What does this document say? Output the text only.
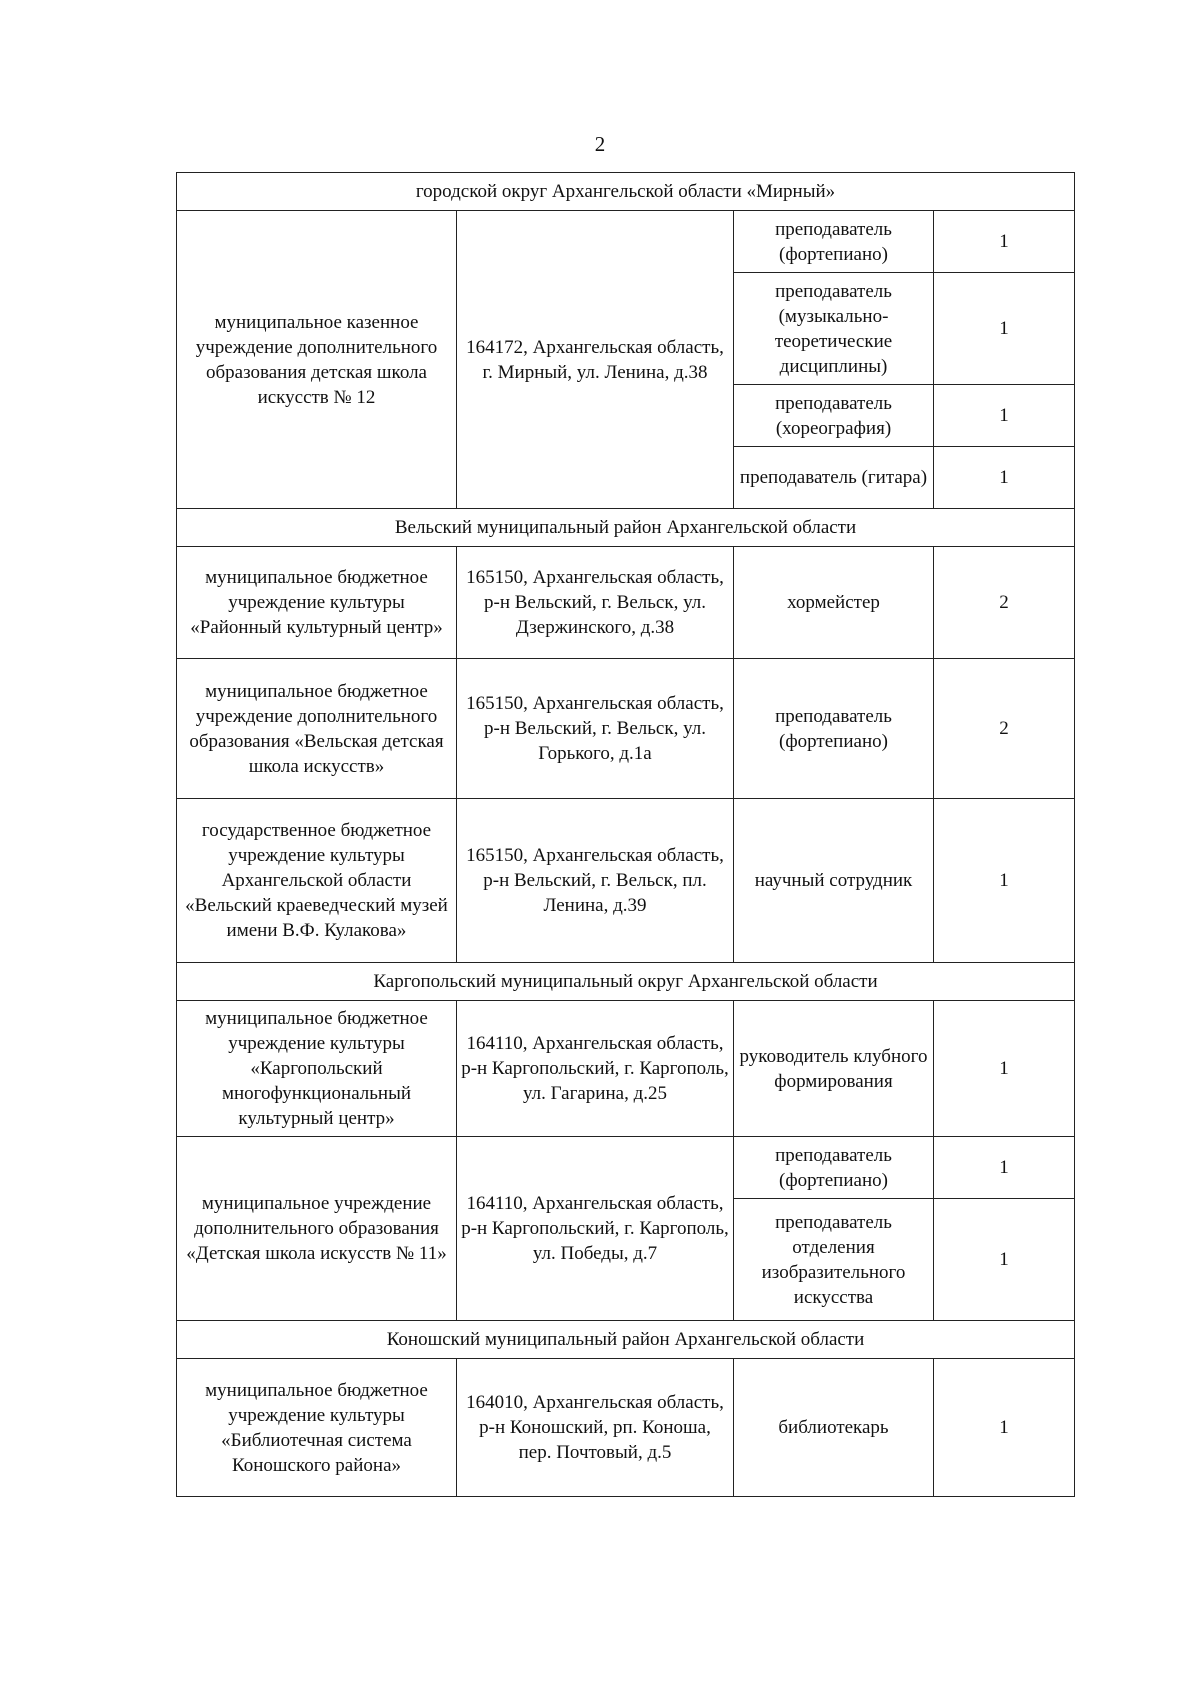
2
городской округ Архангельской области «Мирный»			
муниципальное казенное учреждение дополнительного образования детская школа искусств № 12	164172, Архангельская область, г. Мирный, ул. Ленина, д.38	преподаватель (фортепиано)	1
		преподаватель (музыкально-теоретические дисциплины)	1
		преподаватель (хореография)	1
		преподаватель (гитара)	1
Вельский муниципальный район Архангельской области			
муниципальное бюджетное учреждение культуры «Районный культурный центр»	165150, Архангельская область, р-н Вельский, г. Вельск, ул. Дзержинского, д.38	хормейстер	2
муниципальное бюджетное учреждение дополнительного образования «Вельская детская школа искусств»	165150, Архангельская область, р-н Вельский, г. Вельск, ул. Горького, д.1а	преподаватель (фортепиано)	2
государственное бюджетное учреждение культуры Архангельской области «Вельский краеведческий музей имени В.Ф. Кулакова»	165150, Архангельская область, р-н Вельский, г. Вельск, пл. Ленина, д.39	научный сотрудник	1
Каргопольский муниципальный округ Архангельской области			
муниципальное бюджетное учреждение культуры «Каргопольский многофункциональный культурный центр»	164110, Архангельская область, р-н Каргопольский, г. Каргополь, ул. Гагарина, д.25	руководитель клубного формирования	1
муниципальное учреждение дополнительного образования «Детская школа искусств № 11»	164110, Архангельская область, р-н Каргопольский, г. Каргополь, ул. Победы, д.7	преподаватель (фортепиано)	1
		преподаватель отделения изобразительного искусства	1
Коношский муниципальный район Архангельской области			
муниципальное бюджетное учреждение культуры «Библиотечная система Коношского района»	164010, Архангельская область, р-н Коношский, рп. Коноша, пер. Почтовый, д.5	библиотекарь	1
